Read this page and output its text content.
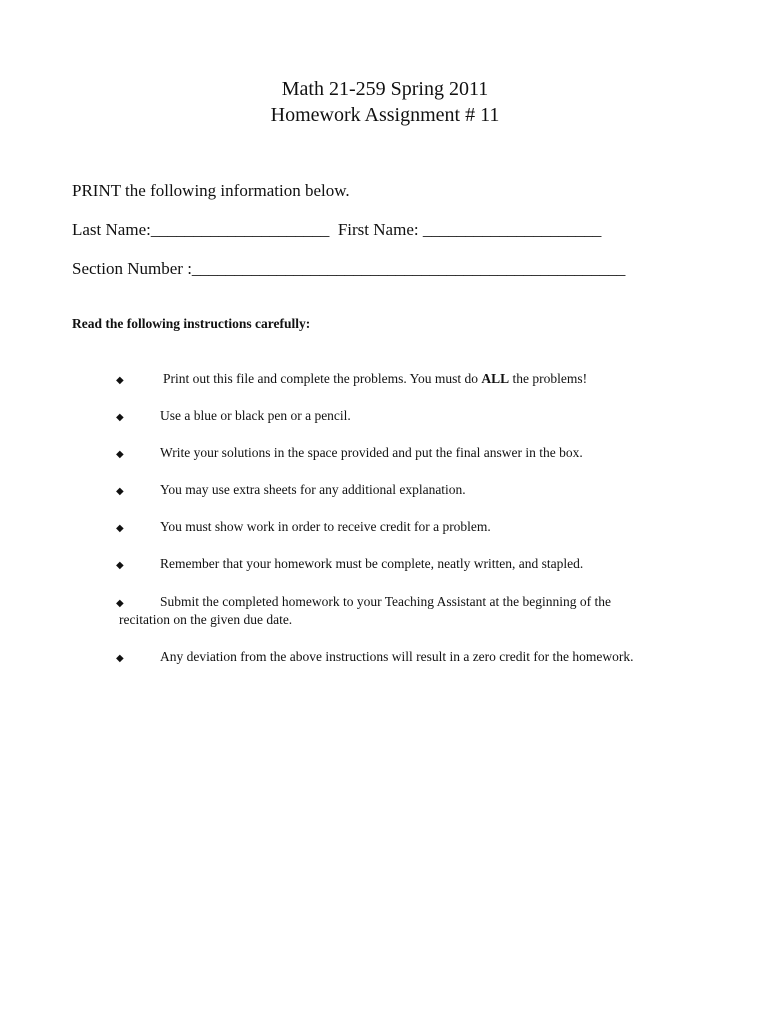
Math 21-259 Spring 2011
Homework Assignment # 11
PRINT the following information below.
Last Name:_____________________ First Name: _____________________
Section Number :___________________________________________________
Read the following instructions carefully:
◆	Print out this file and complete the problems. You must do ALL the problems!
◆	Use a blue or black pen or a pencil.
◆	Write your solutions in the space provided and put the final answer in the box.
◆	You may use extra sheets for any additional explanation.
◆	You must show work in order to receive credit for a problem.
◆	Remember that your homework must be complete, neatly written, and stapled.
◆	Submit the completed homework to your Teaching Assistant at the beginning of the
recitation on the given due date.
◆	Any deviation from the above instructions will result in a zero credit for the homework.
